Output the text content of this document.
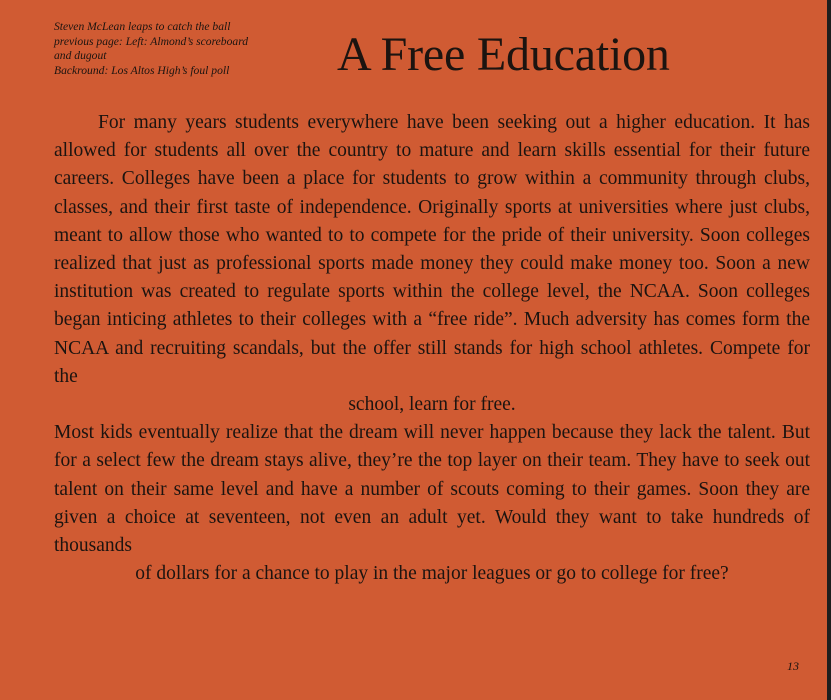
Steven McLean leaps to catch the ball
previous page: Left: Almond’s scoreboard
and dugout
Backround: Los Altos High’s foul poll	A Free Education

For many years students everywhere have been seeking out a higher education. It has allowed for students all over the country to mature and learn skills essential for their future careers. Colleges have been a place for students to grow within a community through clubs, classes, and their first taste of independence. Originally sports at universities where just clubs, meant to allow those who wanted to to compete for the pride of their university. Soon colleges realized that just as professional sports made money they could make money too. Soon a new institution was created to regulate sports within the college level, the NCAA. Soon colleges began inticing athletes to their colleges with a “free ride”. Much adversity has comes form the NCAA and recruiting scandals, but the offer still stands for high school athletes. Compete for the
school, learn for free.

Most kids eventually realize that the dream will never happen because they lack the talent. But for a select few the dream stays alive, they’re the top layer on their team. They have to seek out talent on their same level and have a number of scouts coming to their games. Soon they are given a choice at seventeen, not even an adult yet. Would they want to take hundreds of thousands
of dollars for a chance to play in the major leagues or go to college for free?

13
